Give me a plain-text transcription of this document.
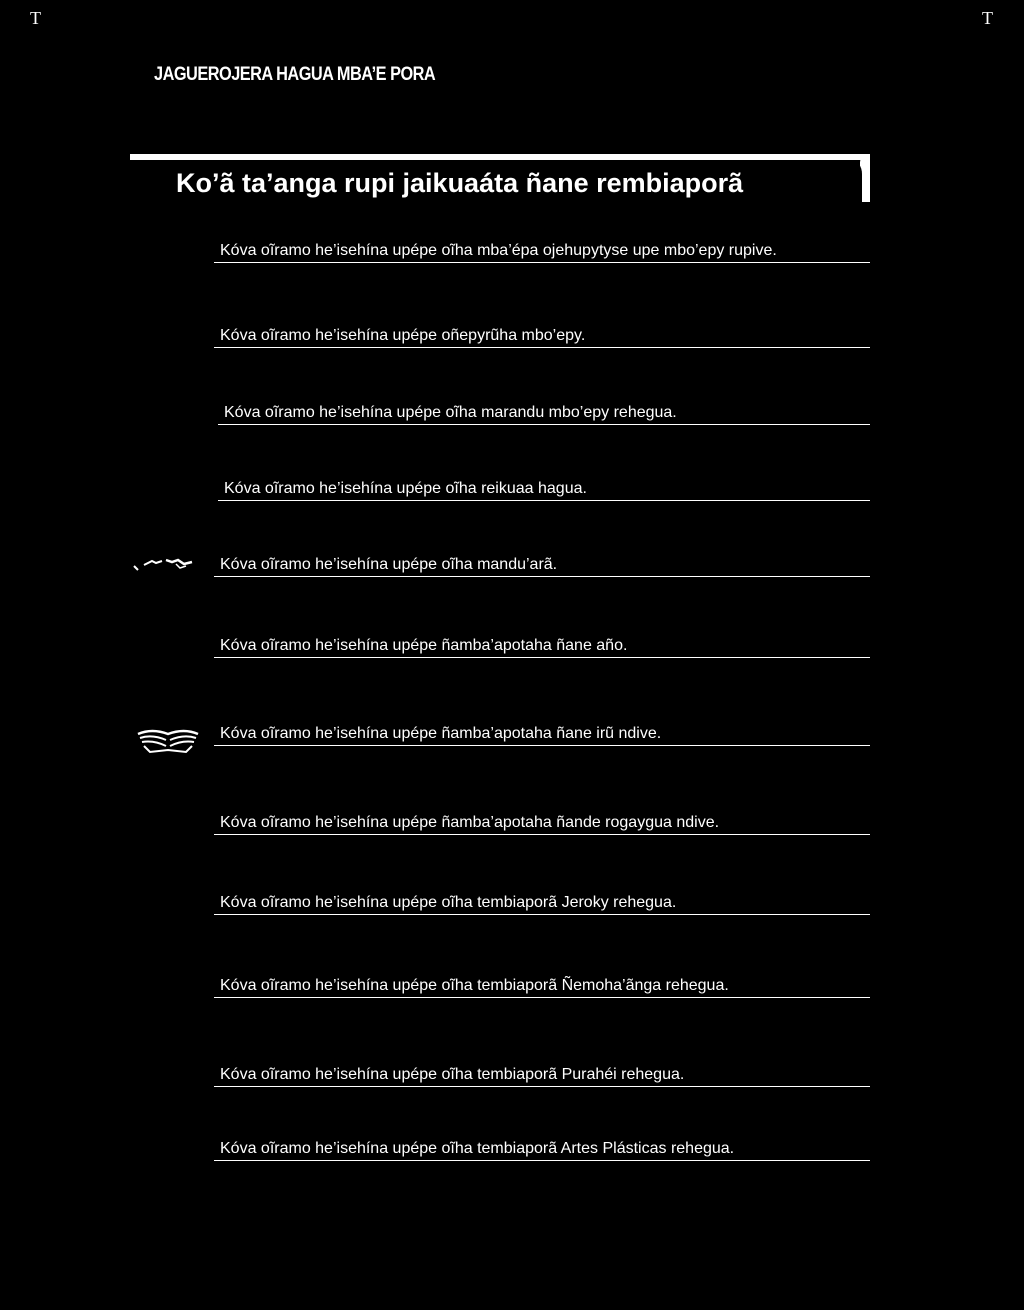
T	T
JAGUEROJERA HAGUA MBA’E PORA
Ko’ã ta’anga rupi jaikuaáta ñane rembiaporã
Kóva oĩramo he’isehína upépe oĩha mba’épa ojehupytyse upe mbo’epy rupive.
Kóva oĩramo he’isehína upépe oñepyrũha mbo’epy.
Kóva oĩramo he’isehína upépe oĩha marandu mbo’epy rehegua.
Kóva oĩramo he’isehína upépe oĩha reikuaa hagua.
Kóva oĩramo he’isehína upépe oĩha mandu’arã.
Kóva oĩramo he’isehína upépe ñamba’apotaha ñane año.
Kóva oĩramo he’isehína upépe ñamba’apotaha ñane irũ ndive.
Kóva oĩramo he’isehína upépe ñamba’apotaha ñande rogaygua ndive.
Kóva oĩramo he’isehína upépe oĩha tembiaporã Jeroky rehegua.
Kóva oĩramo he’isehína upépe oĩha tembiaporã Ñemoha’ãnga rehegua.
Kóva oĩramo he’isehína upépe oĩha tembiaporã Purahéi rehegua.
Kóva oĩramo he’isehína upépe oĩha tembiaporã Artes Plásticas rehegua.
